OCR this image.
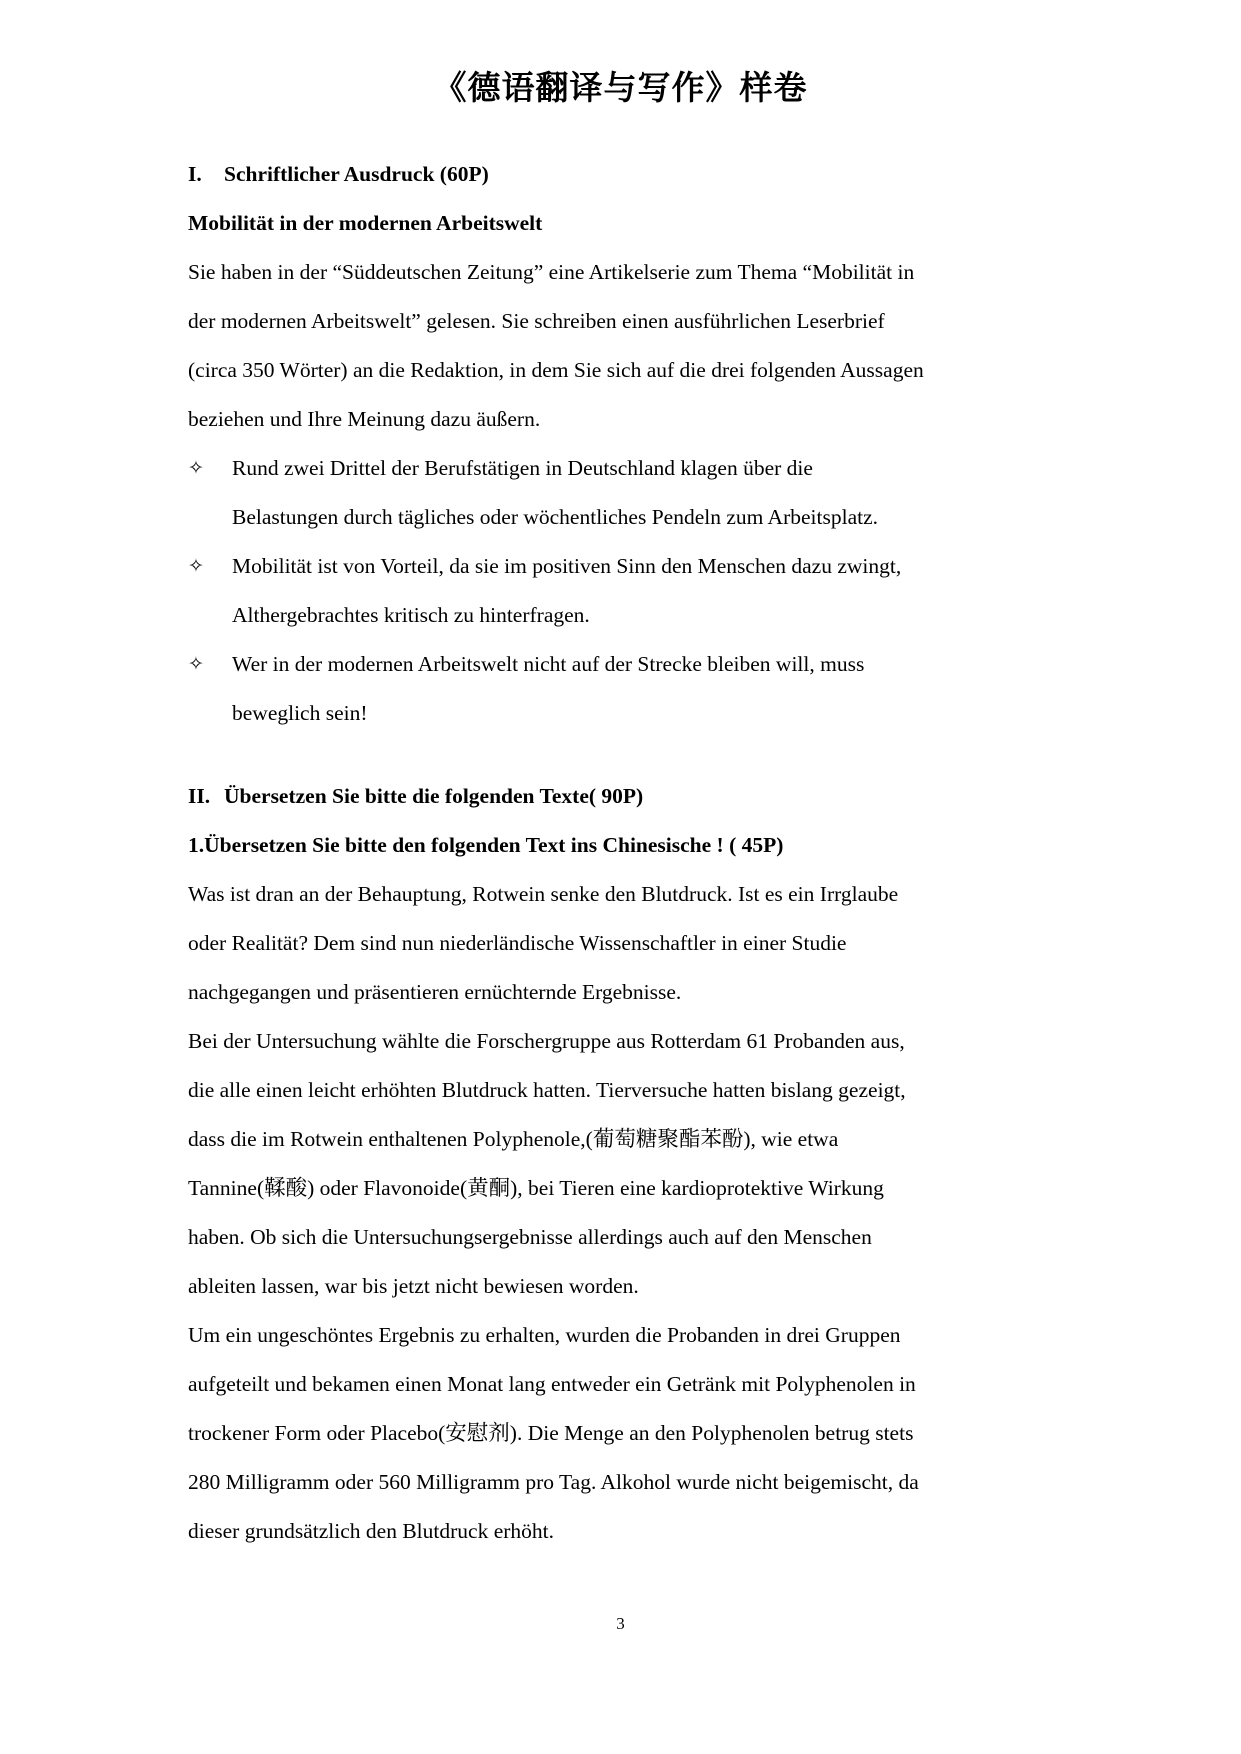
《德语翻译与写作》样卷
I. Schriftlicher Ausdruck (60P)
Mobilität in der modernen Arbeitswelt
Sie haben in der “Süddeutschen Zeitung” eine Artikelserie zum Thema “Mobilität in
der modernen Arbeitswelt” gelesen. Sie schreiben einen ausführlichen Leserbrief
(circa 350 Wörter) an die Redaktion, in dem Sie sich auf die drei folgenden Aussagen
beziehen und Ihre Meinung dazu äußern.
✧ Rund zwei Drittel der Berufstätigen in Deutschland klagen über die
Belastungen durch tägliches oder wöchentliches Pendeln zum Arbeitsplatz.
✧ Mobilität ist von Vorteil, da sie im positiven Sinn den Menschen dazu zwingt,
Althergebrachtes kritisch zu hinterfragen.
✧ Wer in der modernen Arbeitswelt nicht auf der Strecke bleiben will, muss
beweglich sein!
II. Übersetzen Sie bitte die folgenden Texte( 90P)
1.Übersetzen Sie bitte den folgenden Text ins Chinesische ! ( 45P)
Was ist dran an der Behauptung, Rotwein senke den Blutdruck. Ist es ein Irrglaube
oder Realität? Dem sind nun niederländische Wissenschaftler in einer Studie
nachgegangen und präsentieren ernüchternde Ergebnisse.
Bei der Untersuchung wählte die Forschergruppe aus Rotterdam 61 Probanden aus,
die alle einen leicht erhöhten Blutdruck hatten. Tierversuche hatten bislang gezeigt,
dass die im Rotwein enthaltenen Polyphenole,(葡萄糖聚酯苯酚), wie etwa
Tannine(鞣酸) oder Flavonoide(黄酮), bei Tieren eine kardioprotektive Wirkung
haben. Ob sich die Untersuchungsergebnisse allerdings auch auf den Menschen
ableiten lassen, war bis jetzt nicht bewiesen worden.
Um ein ungeschöntes Ergebnis zu erhalten, wurden die Probanden in drei Gruppen
aufgeteilt und bekamen einen Monat lang entweder ein Getränk mit Polyphenolen in
trockener Form oder Placebo(安慰剂). Die Menge an den Polyphenolen betrug stets
280 Milligramm oder 560 Milligramm pro Tag. Alkohol wurde nicht beigemischt, da
dieser grundsätzlich den Blutdruck erhöht.
3
